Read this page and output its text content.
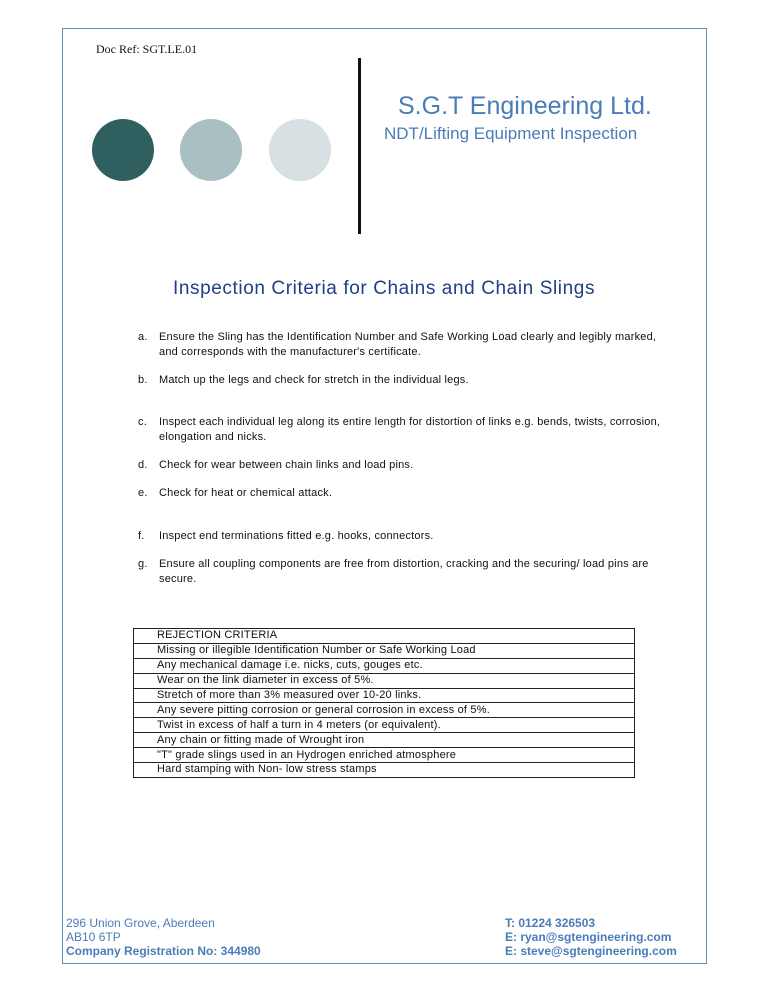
Doc Ref: SGT.LE.01
S.G.T Engineering Ltd.
NDT/Lifting Equipment Inspection
Inspection Criteria for Chains and Chain Slings
a. Ensure the Sling has the Identification Number and Safe Working Load clearly and legibly marked, and corresponds with the manufacturer's certificate.
b. Match up the legs and check for stretch in the individual legs.
c. Inspect each individual leg along its entire length for distortion of links e.g. bends, twists, corrosion, elongation and nicks.
d. Check for wear between chain links and load pins.
e. Check for heat or chemical attack.
f. Inspect end terminations fitted e.g. hooks, connectors.
g. Ensure all coupling components are free from distortion, cracking and the securing/ load pins are secure.
REJECTION CRITERIA
Missing or illegible Identification Number or Safe Working Load
Any mechanical damage i.e. nicks, cuts, gouges etc.
Wear on the link diameter in excess of 5%.
Stretch of more than 3% measured over 10-20 links.
Any severe pitting corrosion or general corrosion in excess of 5%.
Twist in excess of half a turn in 4 meters (or equivalent).
Any chain or fitting made of Wrought iron
"T" grade slings used in an Hydrogen enriched atmosphere
Hard stamping with Non- low stress stamps
296 Union Grove, Aberdeen
AB10 6TP
Company Registration No: 344980
T: 01224 326503
E: ryan@sgtengineering.com
E: steve@sgtengineering.com
